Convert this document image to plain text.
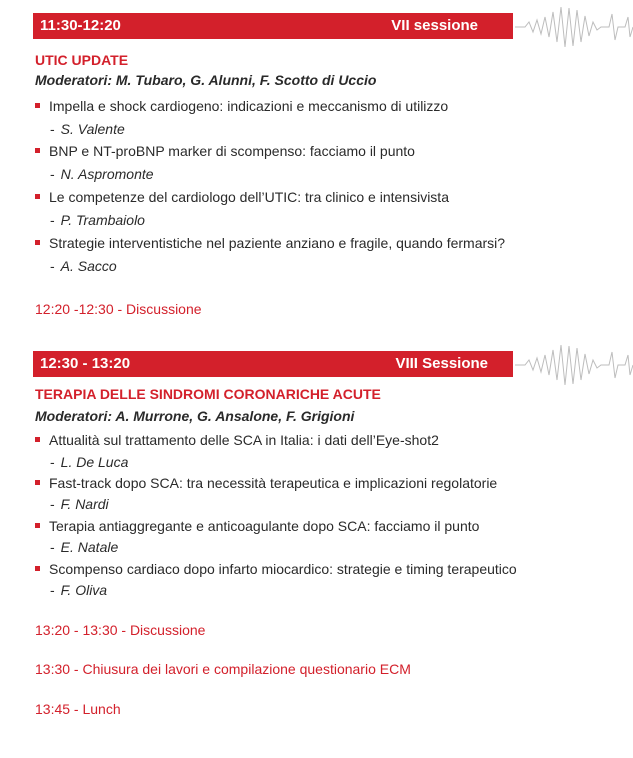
11:30-12:20	VII sessione
UTIC UPDATE
Moderatori: M. Tubaro, G. Alunni, F. Scotto di Uccio
Impella e shock cardiogeno: indicazioni e meccanismo di utilizzo
- S. Valente
BNP e NT-proBNP marker di scompenso: facciamo il punto
- N. Aspromonte
Le competenze del cardiologo dell’UTIC: tra clinico e intensivista
- P. Trambaiolo
Strategie interventistiche nel paziente anziano e fragile, quando fermarsi?
- A. Sacco
12:20 -12:30 - Discussione
12:30 - 13:20	VIII Sessione
TERAPIA DELLE SINDROMI CORONARICHE ACUTE
Moderatori: A. Murrone, G. Ansalone, F. Grigioni
Attualità sul trattamento delle SCA in Italia: i dati dell’Eye-shot2
- L. De Luca
Fast-track dopo SCA: tra necessità terapeutica e implicazioni regolatorie
- F. Nardi
Terapia antiaggregante e anticoagulante dopo SCA: facciamo il punto
- E. Natale
Scompenso cardiaco dopo infarto miocardico: strategie e timing terapeutico
- F. Oliva
13:20 - 13:30 - Discussione
13:30 - Chiusura dei lavori e compilazione questionario ECM
13:45 - Lunch
